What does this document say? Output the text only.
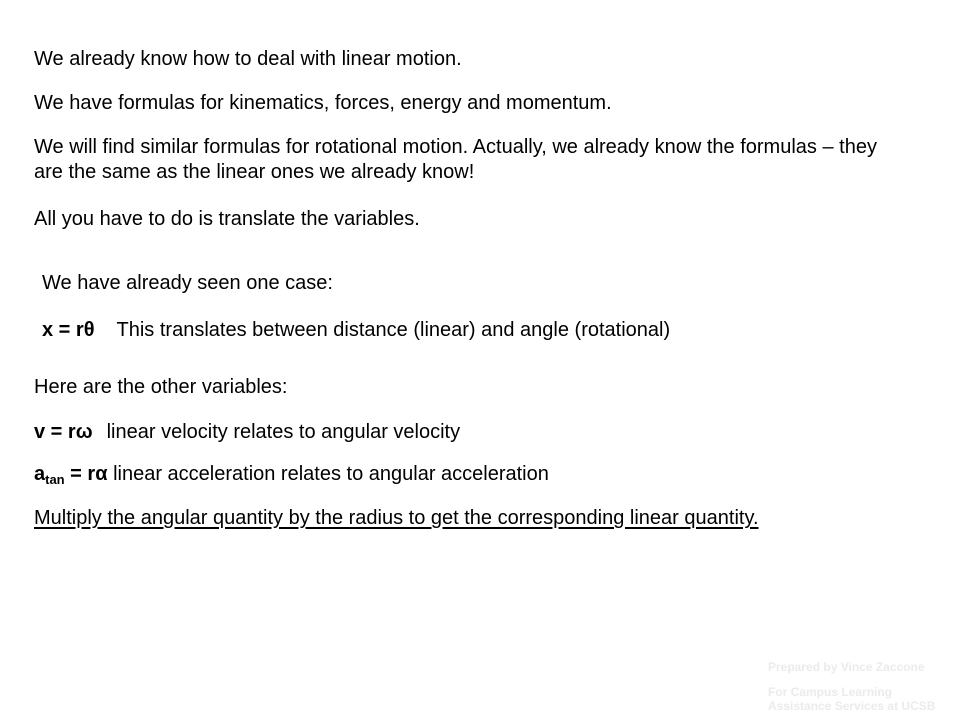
We already know how to deal with linear motion.

We have formulas for kinematics, forces, energy and momentum.

We will find similar formulas for rotational motion. Actually, we already know the formulas – they are the same as the linear ones we already know!

All you have to do is translate the variables.

We have already seen one case:

x = rθ This translates between distance (linear) and angle (rotational)

Here are the other variables:

v = rω linear velocity relates to angular velocity

$a_{tan} = r\alpha$ linear acceleration relates to angular acceleration

Multiply the angular quantity by the radius to get the corresponding linear quantity.

Prepared by Vince Zaccone
For Campus Learning
Assistance Services at UCSB
